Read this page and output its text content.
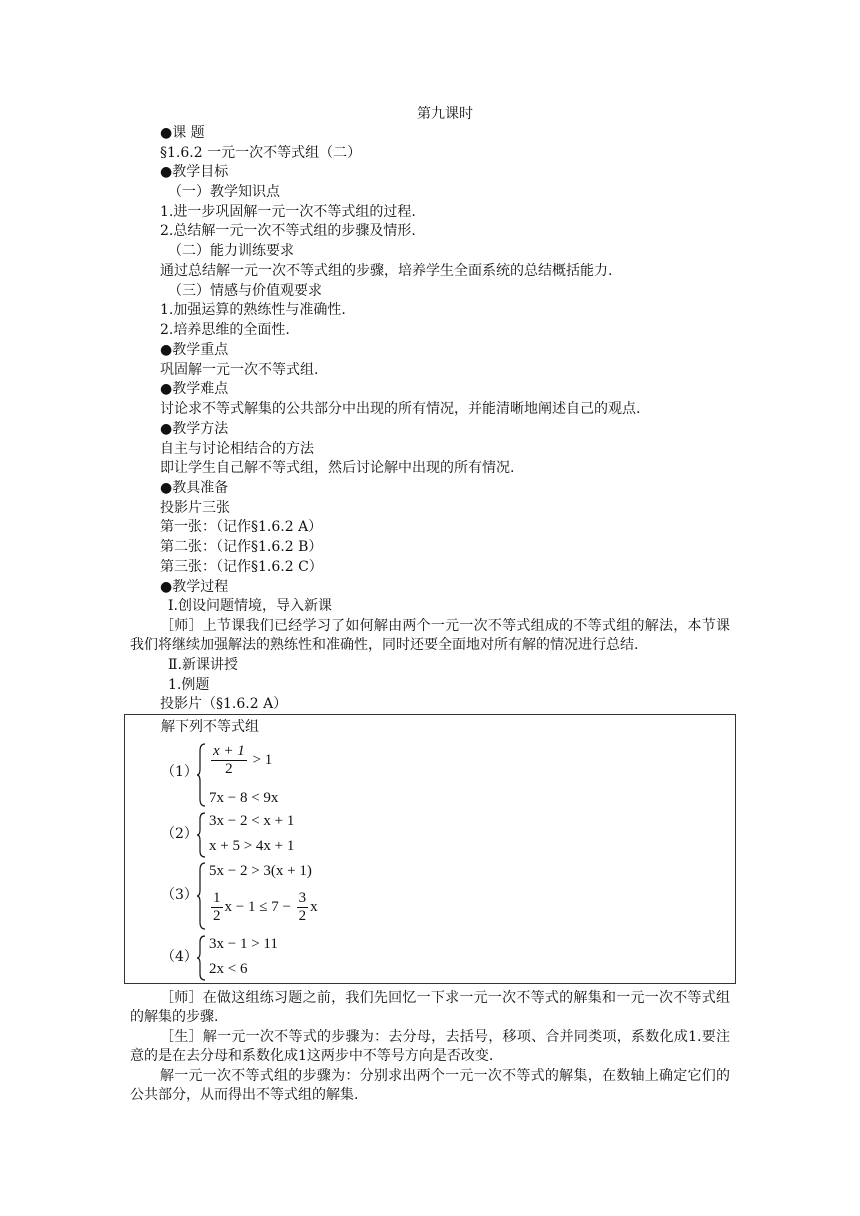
第九课时
●课 题
§1.6.2 一元一次不等式组（二）
●教学目标
（一）教学知识点
1.进一步巩固解一元一次不等式组的过程.
2.总结解一元一次不等式组的步骤及情形.
（二）能力训练要求
通过总结解一元一次不等式组的步骤，培养学生全面系统的总结概括能力.
（三）情感与价值观要求
1.加强运算的熟练性与准确性.
2.培养思维的全面性.
●教学重点
巩固解一元一次不等式组.
●教学难点
讨论求不等式解集的公共部分中出现的所有情况，并能清晰地阐述自己的观点.
●教学方法
自主与讨论相结合的方法
即让学生自己解不等式组，然后讨论解中出现的所有情况.
●教具准备
投影片三张
第一张：（记作§1.6.2 A）
第二张：（记作§1.6.2 B）
第三张：（记作§1.6.2 C）
●教学过程
Ⅰ.创设问题情境，导入新课
［师］上节课我们已经学习了如何解由两个一元一次不等式组成的不等式组的解法，本节课我们将继续加强解法的熟练性和准确性，同时还要全面地对所有解的情况进行总结.
Ⅱ.新课讲授
1.例题
投影片（§1.6.2 A）
解下列不等式组
$(1) \frac{x + 1}{2} > 1$
7x − 8 < 9x
（2）
3x − 2 < x + 1
x + 5 > 4x + 1
（3）
5x − 2 > 3(x + 1)
$\frac{1}{2}$ $x - 1 \le 7 - \frac{3}{2}$ x
（4）
3x − 1 > 11
2x < 6
［师］在做这组练习题之前，我们先回忆一下求一元一次不等式的解集和一元一次不等式组的解集的步骤.
［生］解一元一次不等式的步骤为：去分母，去括号，移项、合并同类项，系数化成1.要注意的是在去分母和系数化成1这两步中不等号方向是否改变.
解一元一次不等式组的步骤为：分别求出两个一元一次不等式的解集，在数轴上确定它们的公共部分，从而得出不等式组的解集.
